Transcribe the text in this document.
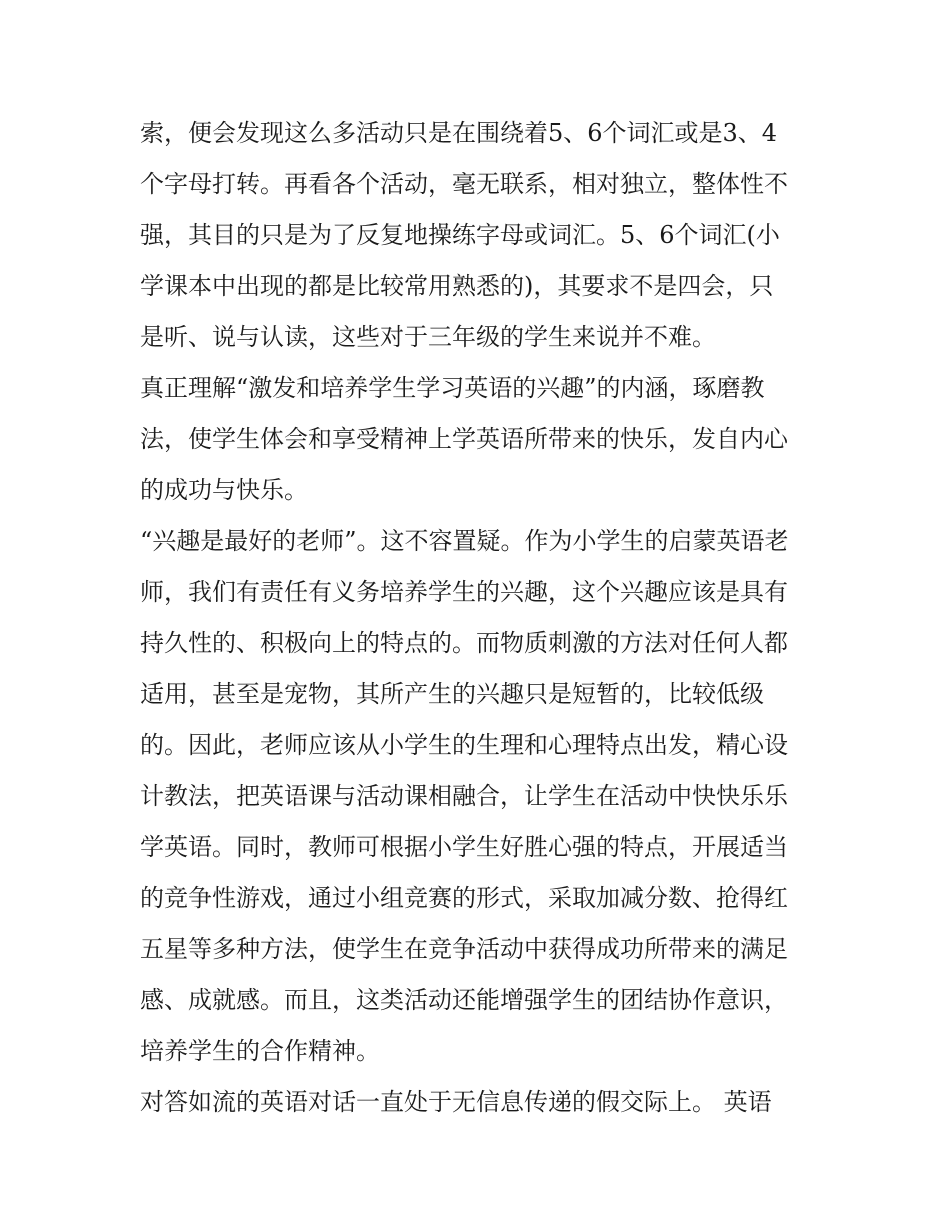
索，便会发现这么多活动只是在围绕着5、6个词汇或是3、4
个字母打转。再看各个活动，毫无联系，相对独立，整体性不
强，其目的只是为了反复地操练字母或词汇。5、6个词汇(小
学课本中出现的都是比较常用熟悉的)，其要求不是四会，只
是听、说与认读，这些对于三年级的学生来说并不难。

真正理解“激发和培养学生学习英语的兴趣”的内涵，琢磨教
法，使学生体会和享受精神上学英语所带来的快乐，发自内心
的成功与快乐。

“兴趣是最好的老师”。这不容置疑。作为小学生的启蒙英语老
师，我们有责任有义务培养学生的兴趣，这个兴趣应该是具有
持久性的、积极向上的特点的。而物质刺激的方法对任何人都
适用，甚至是宠物，其所产生的兴趣只是短暂的，比较低级
的。因此，老师应该从小学生的生理和心理特点出发，精心设
计教法，把英语课与活动课相融合，让学生在活动中快快乐乐
学英语。同时，教师可根据小学生好胜心强的特点，开展适当
的竞争性游戏，通过小组竞赛的形式，采取加减分数、抢得红
五星等多种方法，使学生在竞争活动中获得成功所带来的满足
感、成就感。而且，这类活动还能增强学生的团结协作意识，
培养学生的合作精神。

对答如流的英语对话一直处于无信息传递的假交际上。 英语
